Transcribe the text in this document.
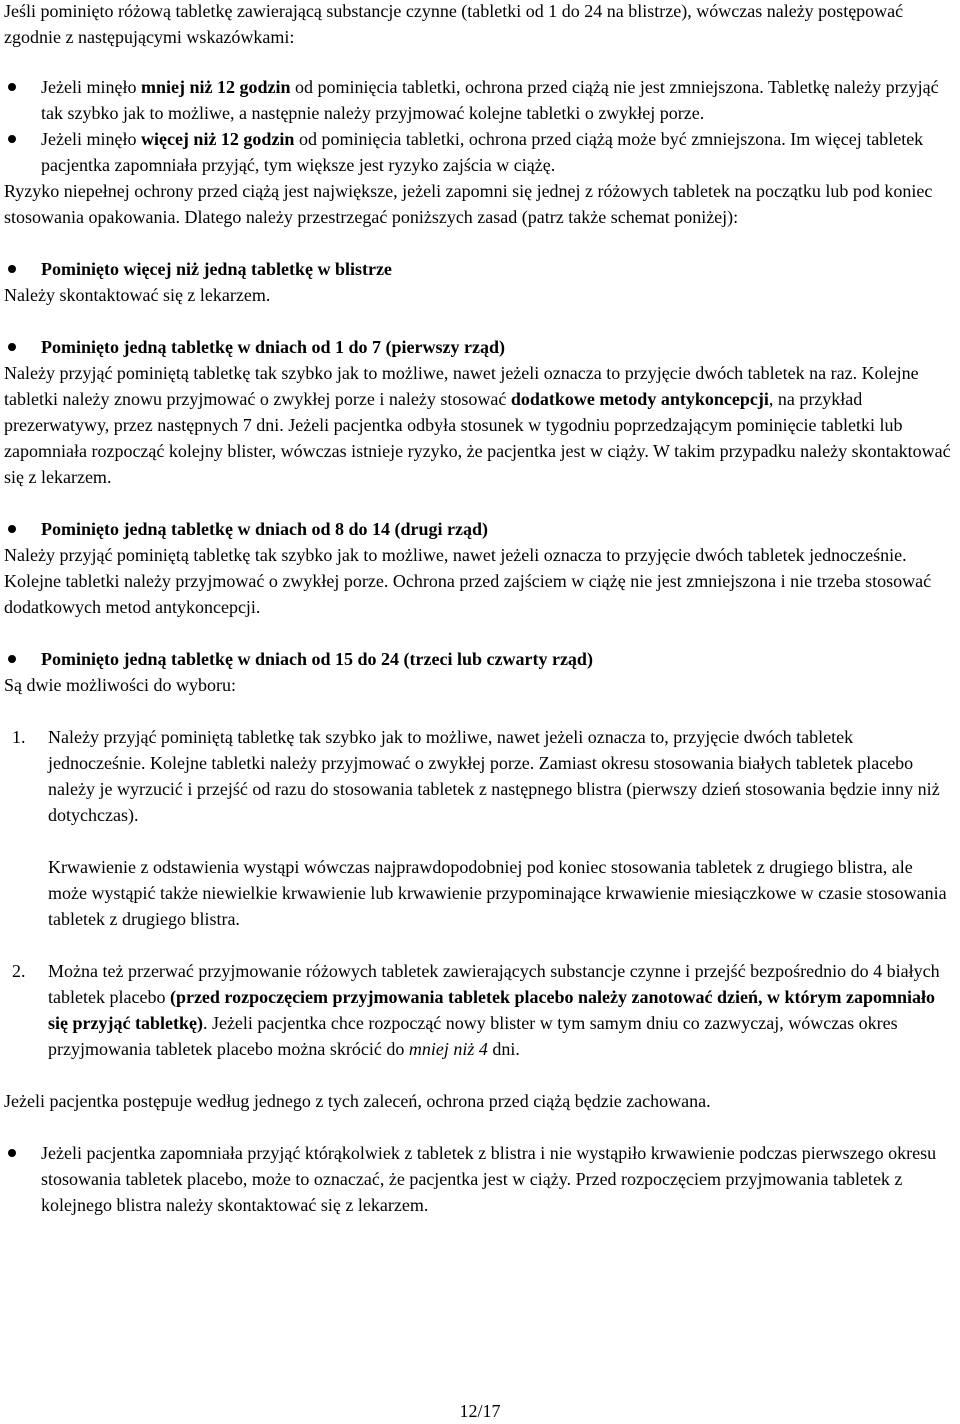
Jeśli pominięto różową tabletkę zawierającą substancje czynne (tabletki od 1 do 24 na blistrze), wówczas należy postępować zgodnie z następującymi wskazówkami:

Jeżeli minęło mniej niż 12 godzin od pominięcia tabletki, ochrona przed ciążą nie jest zmniejszona. Tabletkę należy przyjąć tak szybko jak to możliwe, a następnie należy przyjmować kolejne tabletki o zwykłej porze.

Jeżeli minęło więcej niż 12 godzin od pominięcia tabletki, ochrona przed ciążą może być zmniejszona. Im więcej tabletek pacjentka zapomniała przyjąć, tym większe jest ryzyko zajścia w ciążę.

Ryzyko niepełnej ochrony przed ciążą jest największe, jeżeli zapomni się jednej z różowych tabletek na początku lub pod koniec stosowania opakowania. Dlatego należy przestrzegać poniższych zasad (patrz także schemat poniżej):

Pominięto więcej niż jedną tabletkę w blistrze

Należy skontaktować się z lekarzem.

Pominięto jedną tabletkę w dniach od 1 do 7 (pierwszy rząd)

Należy przyjąć pominiętą tabletkę tak szybko jak to możliwe, nawet jeżeli oznacza to przyjęcie dwóch tabletek na raz. Kolejne tabletki należy znowu przyjmować o zwykłej porze i należy stosować dodatkowe metody antykoncepcji, na przykład prezerwatywy, przez następnych 7 dni. Jeżeli pacjentka odbyła stosunek w tygodniu poprzedzającym pominięcie tabletki lub zapomniała rozpocząć kolejny blister, wówczas istnieje ryzyko, że pacjentka jest w ciąży. W takim przypadku należy skontaktować się z lekarzem.

Pominięto jedną tabletkę w dniach od 8 do 14 (drugi rząd)

Należy przyjąć pominiętą tabletkę tak szybko jak to możliwe, nawet jeżeli oznacza to przyjęcie dwóch tabletek jednocześnie. Kolejne tabletki należy przyjmować o zwykłej porze. Ochrona przed zajściem w ciążę nie jest zmniejszona i nie trzeba stosować dodatkowych metod antykoncepcji.

Pominięto jedną tabletkę w dniach od 15 do 24 (trzeci lub czwarty rząd)

Są dwie możliwości do wyboru:

1. Należy przyjąć pominiętą tabletkę tak szybko jak to możliwe, nawet jeżeli oznacza to, przyjęcie dwóch tabletek jednocześnie. Kolejne tabletki należy przyjmować o zwykłej porze. Zamiast okresu stosowania białych tabletek placebo należy je wyrzucić i przejść od razu do stosowania tabletek z następnego blistra (pierwszy dzień stosowania będzie inny niż dotychczas).

Krwawienie z odstawienia wystąpi wówczas najprawdopodobniej pod koniec stosowania tabletek z drugiego blistra, ale może wystąpić także niewielkie krwawienie lub krwawienie przypominające krwawienie miesiączkowe w czasie stosowania tabletek z drugiego blistra.

2. Można też przerwać przyjmowanie różowych tabletek zawierających substancje czynne i przejść bezpośrednio do 4 białych tabletek placebo (przed rozpoczęciem przyjmowania tabletek placebo należy zanotować dzień, w którym zapomniało się przyjąć tabletkę). Jeżeli pacjentka chce rozpocząć nowy blister w tym samym dniu co zazwyczaj, wówczas okres przyjmowania tabletek placebo można skrócić do mniej niż 4 dni.

Jeżeli pacjentka postępuje według jednego z tych zaleceń, ochrona przed ciążą będzie zachowana.

Jeżeli pacjentka zapomniała przyjąć którąkolwiek z tabletek z blistra i nie wystąpiło krwawienie podczas pierwszego okresu stosowania tabletek placebo, może to oznaczać, że pacjentka jest w ciąży. Przed rozpoczęciem przyjmowania tabletek z kolejnego blistra należy skontaktować się z lekarzem.

12/17
